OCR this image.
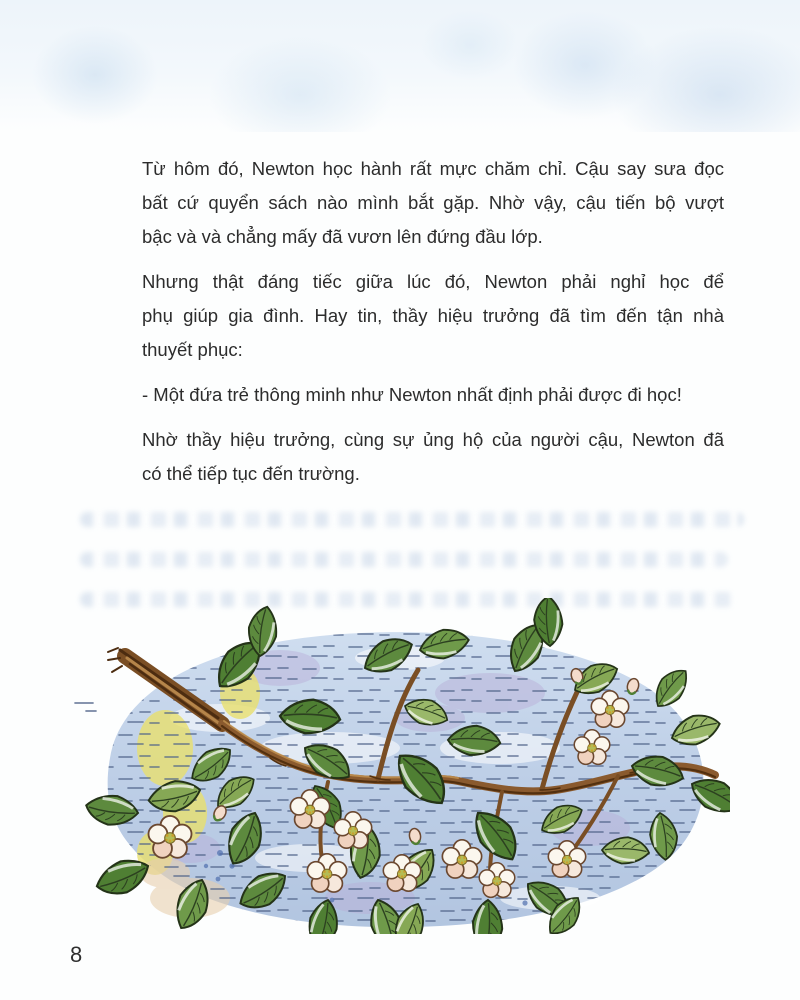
Từ hôm đó, Newton học hành rất mực chăm chỉ. Cậu say sưa đọc
bất cứ quyển sách nào mình bắt gặp. Nhờ vậy, cậu tiến bộ vượt
bậc và và chẳng mấy đã vươn lên đứng đầu lớp.
Nhưng thật đáng tiếc giữa lúc đó, Newton phải nghỉ học để
phụ giúp gia đình. Hay tin, thầy hiệu trưởng đã tìm đến tận nhà
thuyết phục:
- Một đứa trẻ thông minh như Newton nhất định phải được đi học!
Nhờ thầy hiệu trưởng, cùng sự ủng hộ của người cậu, Newton đã
có thể tiếp tục đến trường.
8
